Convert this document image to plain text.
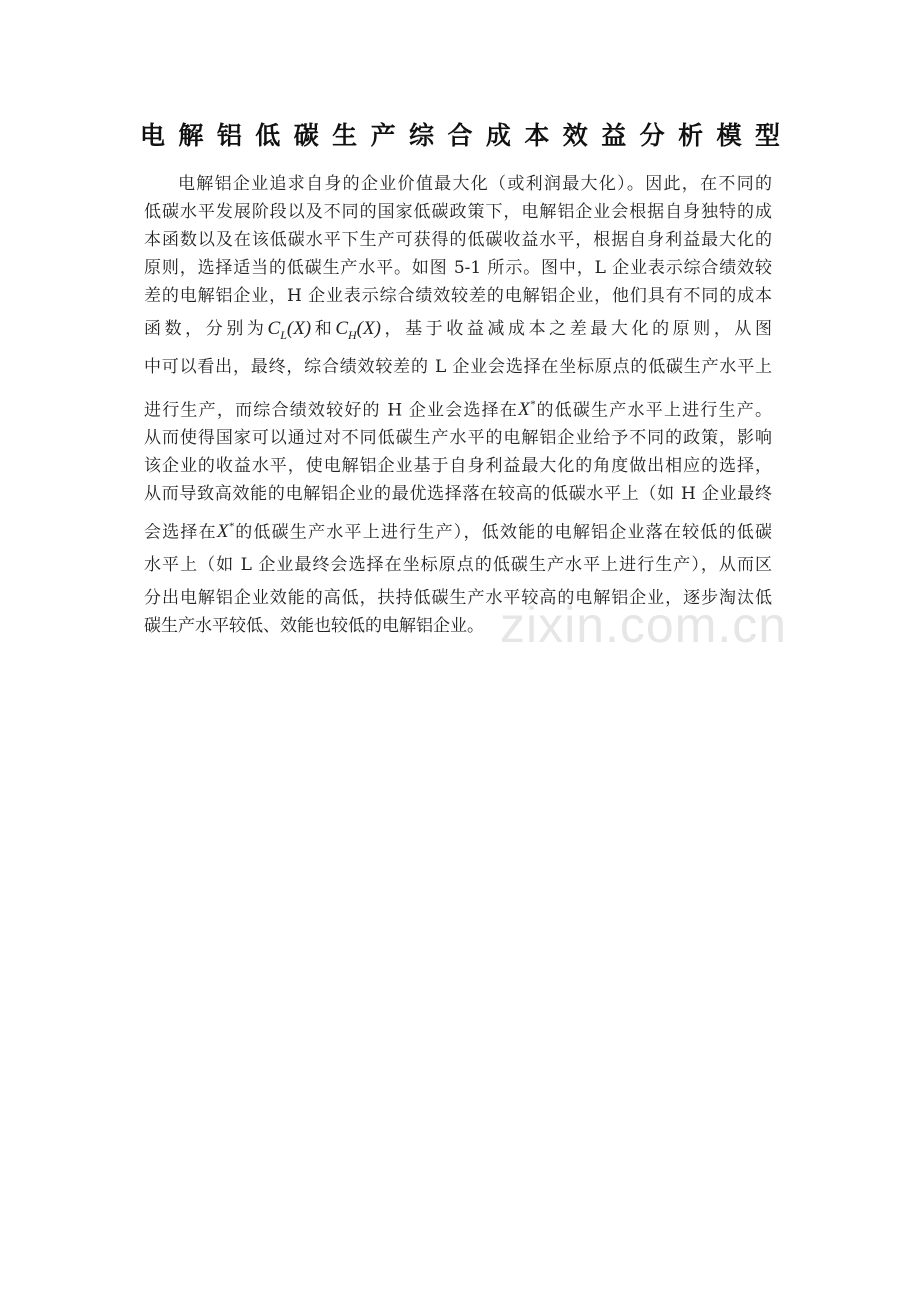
电解铝低碳生产综合成本效益分析模型
电解铝企业追求自身的企业价值最大化（或利润最大化）。因此，在不同的
低碳水平发展阶段以及不同的国家低碳政策下，电解铝企业会根据自身独特的成
本函数以及在该低碳水平下生产可获得的低碳收益水平，根据自身利益最大化的
原则，选择适当的低碳生产水平。如图 5-1 所示。图中，L 企业表示综合绩效较
差的电解铝企业，H 企业表示综合绩效较差的电解铝企业，他们具有不同的成本
函数，分别为$C_L(X)$和$C_H(X)$，基于收益减成本之差最大化的原则，从图
中可以看出，最终，综合绩效较差的 L 企业会选择在坐标原点的低碳生产水平上
进行生产，而综合绩效较好的 H 企业会选择在X*的低碳生产水平上进行生产。
从而使得国家可以通过对不同低碳生产水平的电解铝企业给予不同的政策，影响
该企业的收益水平，使电解铝企业基于自身利益最大化的角度做出相应的选择，
从而导致高效能的电解铝企业的最优选择落在较高的低碳水平上（如 H 企业最终
会选择在X*的低碳生产水平上进行生产），低效能的电解铝企业落在较低的低碳
水平上（如 L 企业最终会选择在坐标原点的低碳生产水平上进行生产），从而区
分出电解铝企业效能的高低，扶持低碳生产水平较高的电解铝企业，逐步淘汰低
碳生产水平较低、效能也较低的电解铝企业。 zixin.com.cn
